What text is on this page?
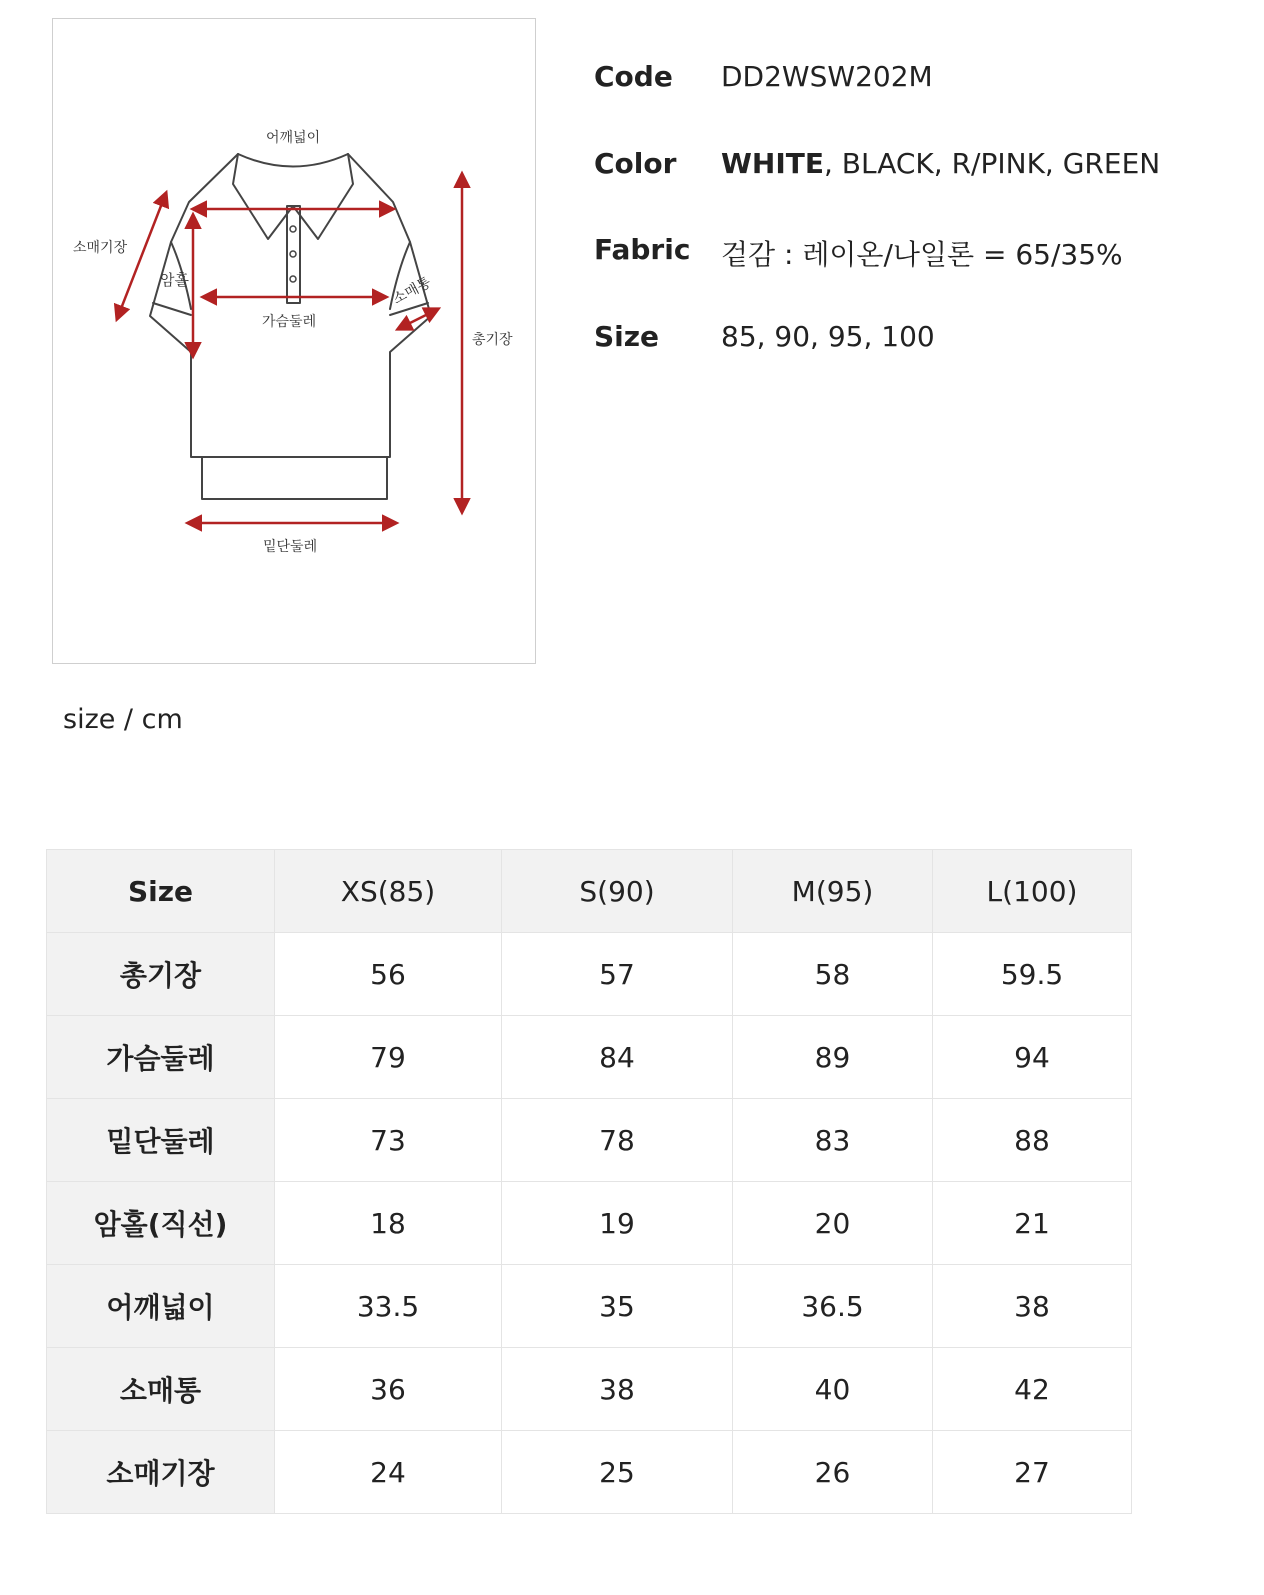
어깨넓이
소매기장
암홀	소매통
가슴둘레
총기장
밑단둘레
Code DD2WSW202M
Color WHITE, BLACK, R/PINK, GREEN
Fabric 겉감 : 레이온/나일론 = 65/35%
Size 85, 90, 95, 100
size / cm
Size	XS(85)	S(90)	M(95)	L(100)
총기장	56	57	58	59.5
가슴둘레	79	84	89	94
밑단둘레	73	78	83	88
암홀(직선)	18	19	20	21
어깨넓이	33.5	35	36.5	38
소매통	36	38	40	42
소매기장	24	25	26	27
